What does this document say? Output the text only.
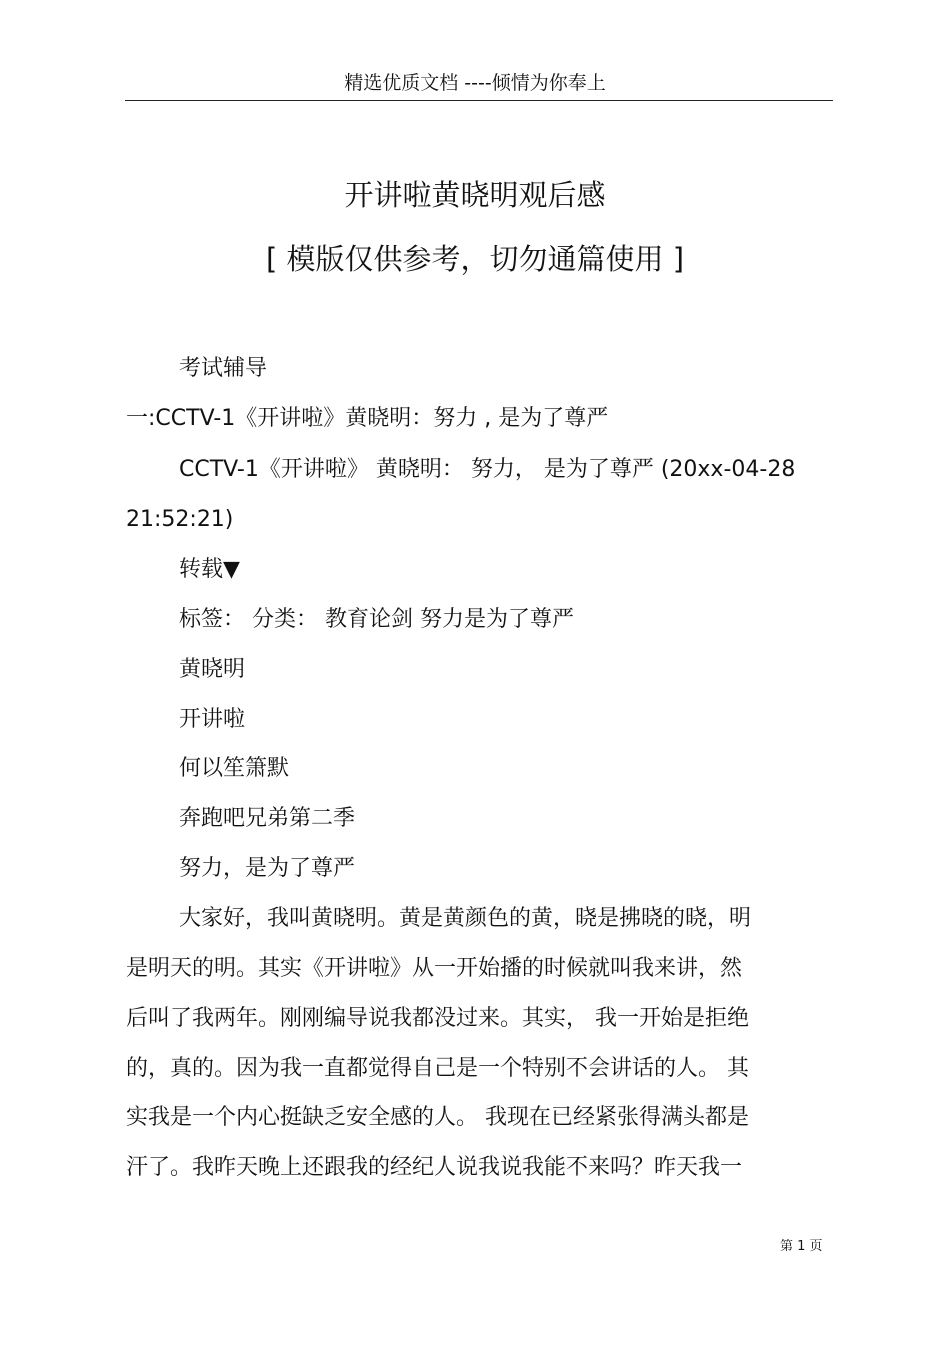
精选优质文档 ----倾情为你奉上
开讲啦黄晓明观后感
[ 模版仅供参考，切勿通篇使用 ]
考试辅导
一:CCTV-1《开讲啦》黄晓明：努力 , 是为了尊严
CCTV-1《开讲啦》 黄晓明： 努力， 是为了尊严 (20xx-04-28
21:52:21)
转载▼
标签： 分类： 教育论剑 努力是为了尊严
黄晓明
开讲啦
何以笙箫默
奔跑吧兄弟第二季
努力，是为了尊严
大家好，我叫黄晓明。黄是黄颜色的黄，晓是拂晓的晓，明
是明天的明。其实《开讲啦》从一开始播的时候就叫我来讲，然
后叫了我两年。刚刚编导说我都没过来。其实， 我一开始是拒绝
的，真的。因为我一直都觉得自己是一个特别不会讲话的人。 其
实我是一个内心挺缺乏安全感的人。 我现在已经紧张得满头都是
汗了。我昨天晚上还跟我的经纪人说我说我能不来吗？昨天我一
第 1 页
